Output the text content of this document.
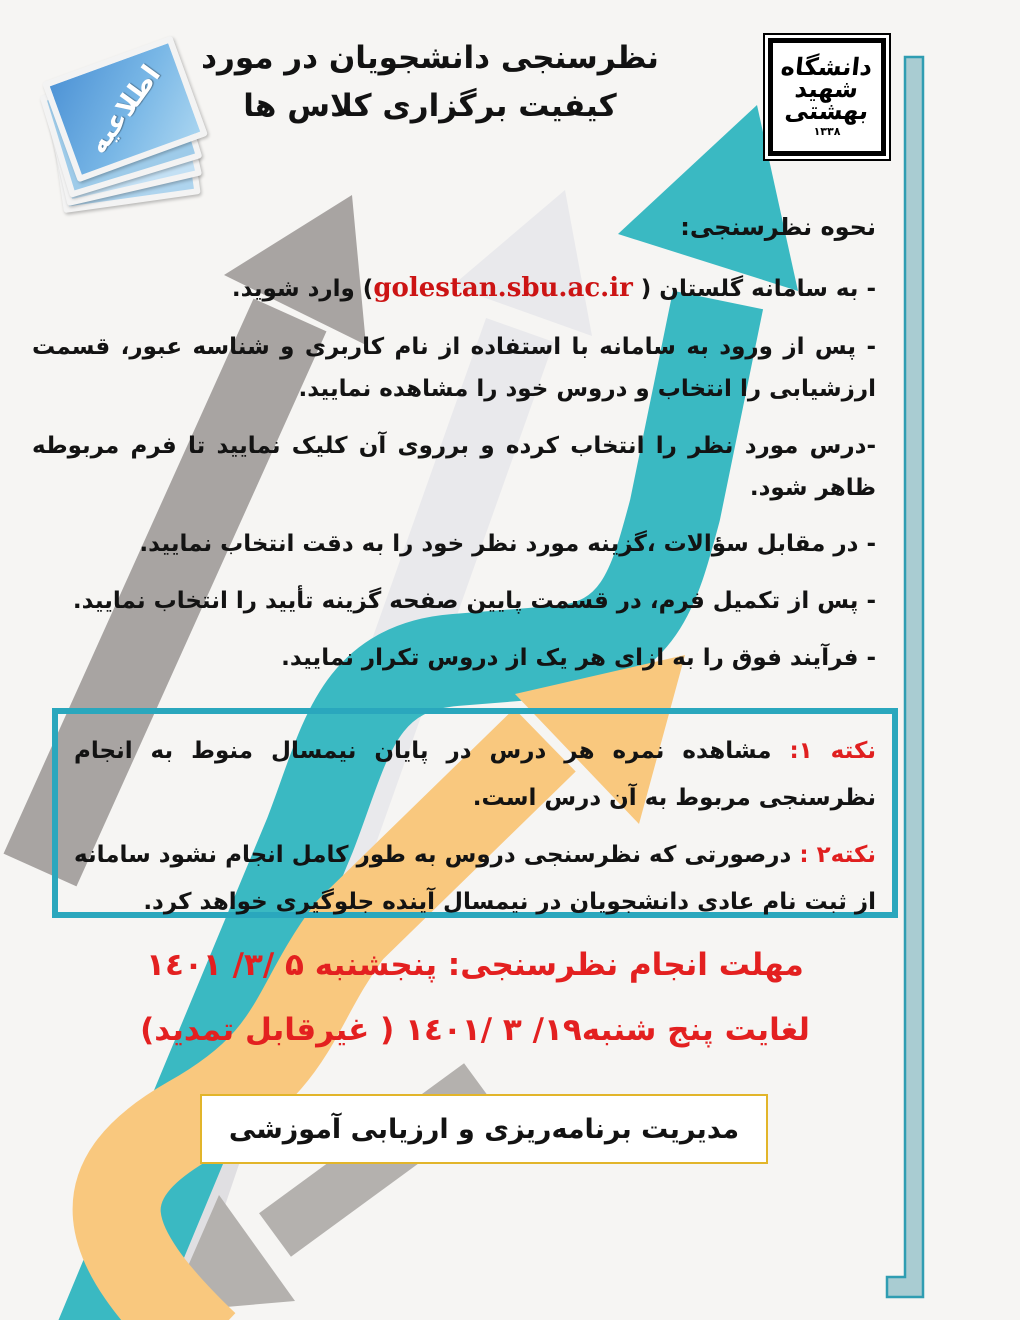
اطلاعیه
نظرسنجی دانشجویان در مورد
کیفیت برگزاری کلاس ها
دانشگاه
شهید
بهشتی
۱۳۳۸

نحوه نظرسنجی:

- به سامانه گلستان ( golestan.sbu.ac.ir) وارد شوید.

- پس از ورود به سامانه با استفاده از نام کاربری و شناسه عبور، قسمت ارزشیابی را انتخاب و دروس خود را مشاهده نمایید.

-درس مورد نظر را انتخاب کرده و برروی آن کلیک نمایید تا فرم مربوطه ظاهر شود.

- در مقابل سؤالات ،گزینه مورد نظر خود را به دقت انتخاب نمایید.

- پس از تکمیل فرم، در قسمت پایین صفحه گزینه تأیید را انتخاب نمایید.

- فرآیند فوق را به ازای هر یک از دروس تکرار نمایید.

نکته ۱: مشاهده نمره هر درس در پایان نیمسال منوط به انجام نظرسنجی مربوط به آن درس است.

نکته۲ : درصورتی که نظرسنجی دروس به طور کامل انجام نشود سامانه از ثبت نام عادی دانشجویان در نیمسال آینده جلوگیری خواهد کرد.

مهلت انجام نظرسنجی: پنجشنبه ۵ /۳/ ۱٤۰۱
لغایت پنج شنبه۱۹/ ۳ /۱٤۰۱ ( غیرقابل تمدید)
مدیریت برنامه‌ریزی و ارزیابی آموزشی
